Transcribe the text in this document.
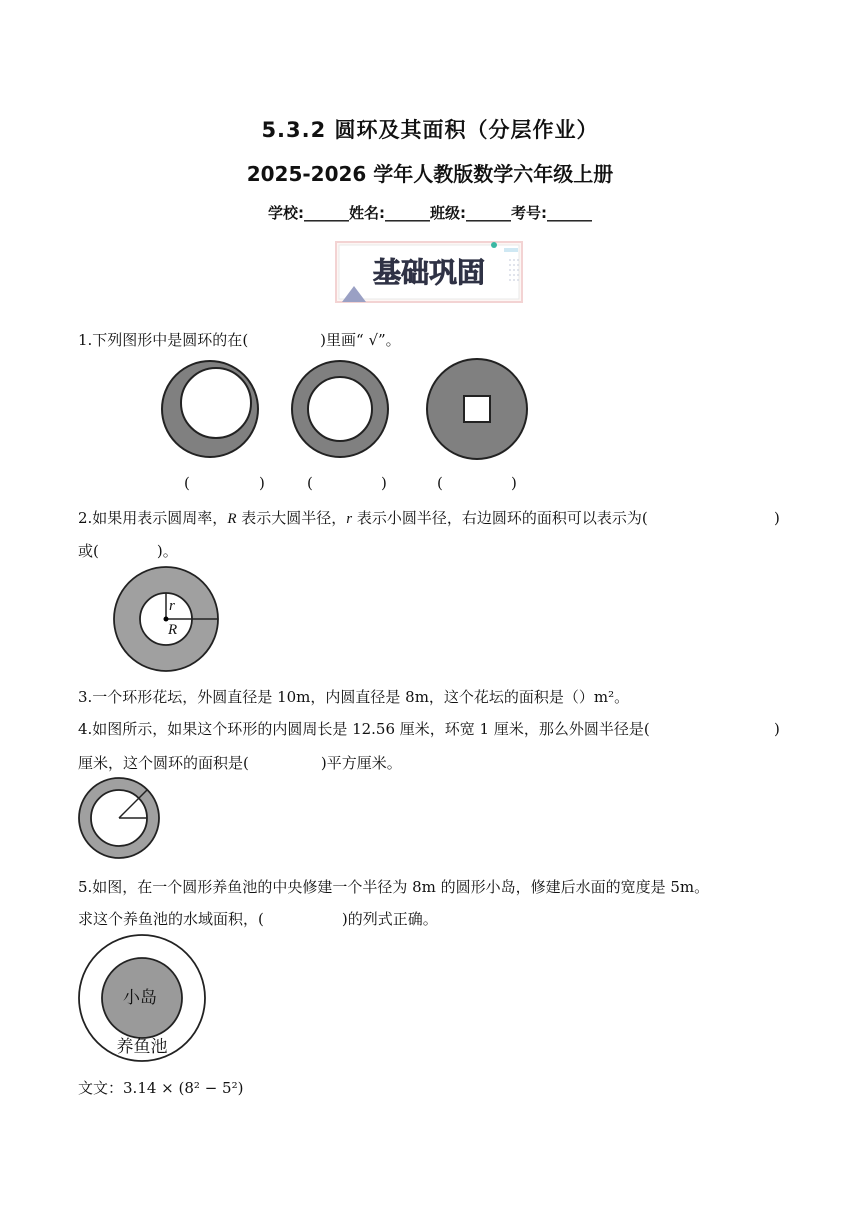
5.3.2 圆环及其面积（分层作业）
2025-2026 学年人教版数学六年级上册
学校:______姓名:______班级:______考号:______
基础巩固
1.下列图形中是圆环的在(	)里画“ √”。
(	)	(	)	(	)
2.如果用表示圆周率，R 表示大圆半径，r 表示小圆半径，右边圆环的面积可以表示为(	)
或(	)。
r
R
3.一个环形花坛，外圆直径是 10m，内圆直径是 8m，这个花坛的面积是（）m²。
4.如图所示，如果这个环形的内圆周长是 12.56 厘米，环宽 1 厘米，那么外圆半径是(	)
厘米，这个圆环的面积是(	)平方厘米。
5.如图，在一个圆形养鱼池的中央修建一个半径为 8m 的圆形小岛，修建后水面的宽度是 5m。
求这个养鱼池的水域面积，(	)的列式正确。
小岛
养鱼池
文文：3.14 × (8² − 5²)
